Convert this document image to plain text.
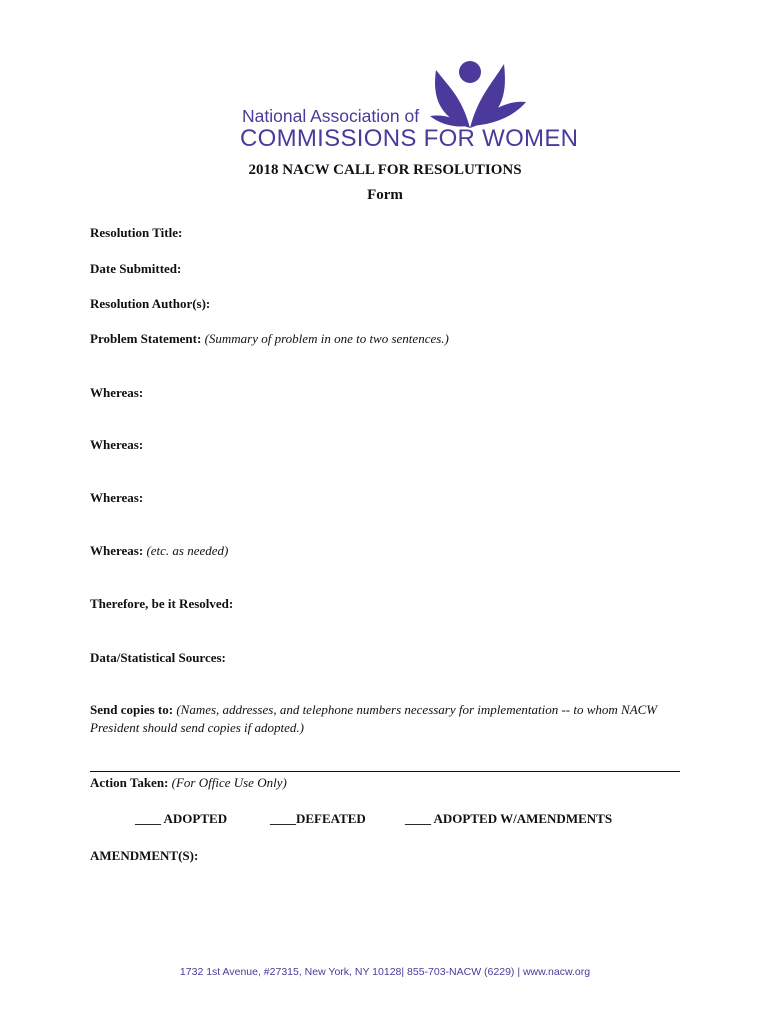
National Association of
COMMISSIONS FOR WOMEN
2018 NACW CALL FOR RESOLUTIONS
Form
Resolution Title:
Date Submitted:
Resolution Author(s):
Problem Statement: (Summary of problem in one to two sentences.)
Whereas:
Whereas:
Whereas:
Whereas: (etc. as needed)
Therefore, be it Resolved:
Data/Statistical Sources:
Send copies to: (Names, addresses, and telephone numbers necessary for implementation -- to whom NACW
President should send copies if adopted.)
Action Taken: (For Office Use Only)
____ ADOPTED	____DEFEATED	____ ADOPTED W/AMENDMENTS
AMENDMENT(S):
1732 1st Avenue, #27315, New York, NY 10128| 855-703-NACW (6229) | www.nacw.org
